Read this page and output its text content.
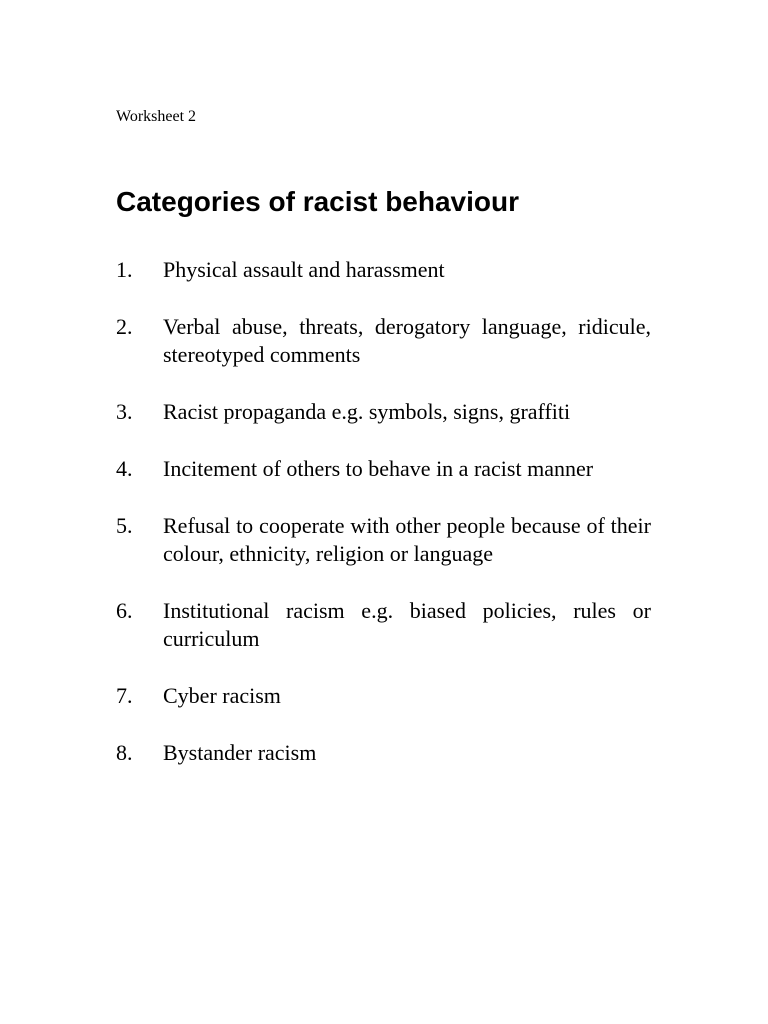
Worksheet 2
Categories of racist behaviour
1.	Physical assault and harassment
2.	Verbal abuse, threats, derogatory language, ridicule, stereotyped comments
3.	Racist propaganda e.g. symbols, signs, graffiti
4.	Incitement of others to behave in a racist manner
5.	Refusal to cooperate with other people because of their colour, ethnicity, religion or language
6.	Institutional racism e.g. biased policies, rules or curriculum
7.	Cyber racism
8.	Bystander racism
